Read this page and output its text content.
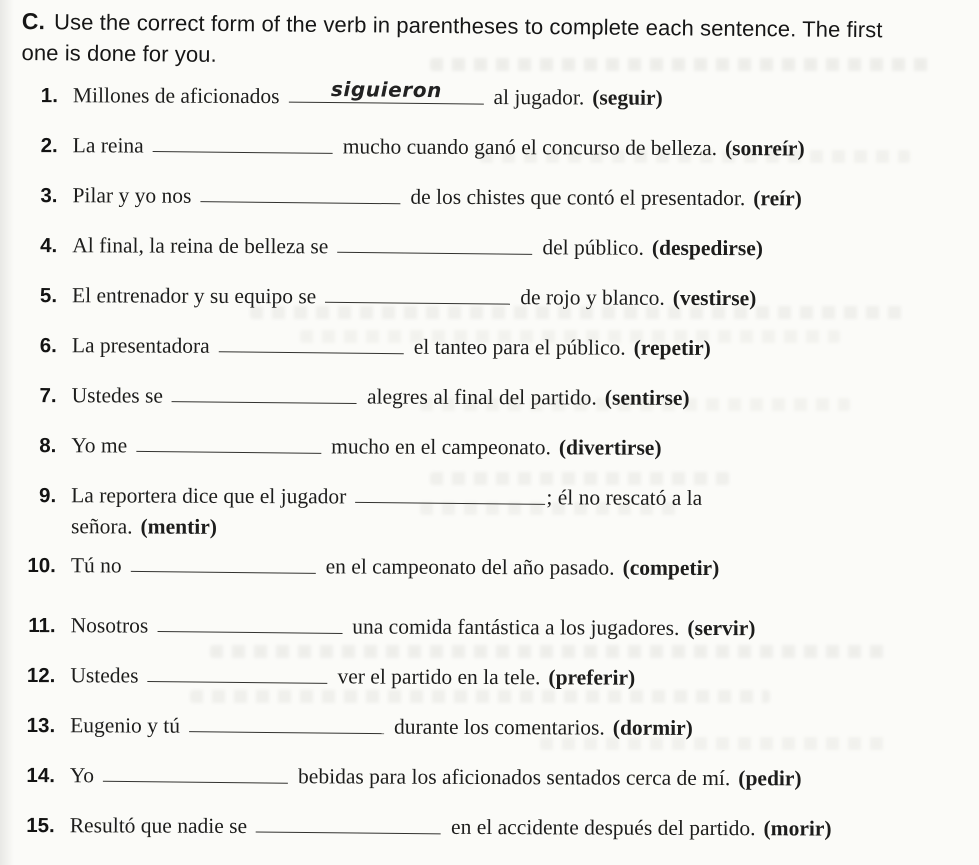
C. Use the correct form of the verb in parentheses to complete each sentence. The first
one is done for you.
1. Millones de aficionados	siguieron	al jugador. (seguir)

2. La reina	mucho cuando ganó el concurso de belleza. (sonreír)

3. Pilar y yo nos	de los chistes que contó el presentador. (reír)

4. Al final, la reina de belleza se	del público. (despedirse)

5. El entrenador y su equipo se	de rojo y blanco. (vestirse)

6. La presentadora	el tanteo para el público. (repetir)

7. Ustedes se	alegres al final del partido. (sentirse)

8. Yo me	mucho en el campeonato. (divertirse)

9. La reportera dice que el jugador	; él no rescató a la
señora. (mentir)

10. Tú no	en el campeonato del año pasado. (competir)

11. Nosotros	una comida fantástica a los jugadores. (servir)

12. Ustedes	ver el partido en la tele. (preferir)

13. Eugenio y tú	durante los comentarios. (dormir)

14. Yo	bebidas para los aficionados sentados cerca de mí. (pedir)

15. Resultó que nadie se	en el accidente después del partido. (morir)
